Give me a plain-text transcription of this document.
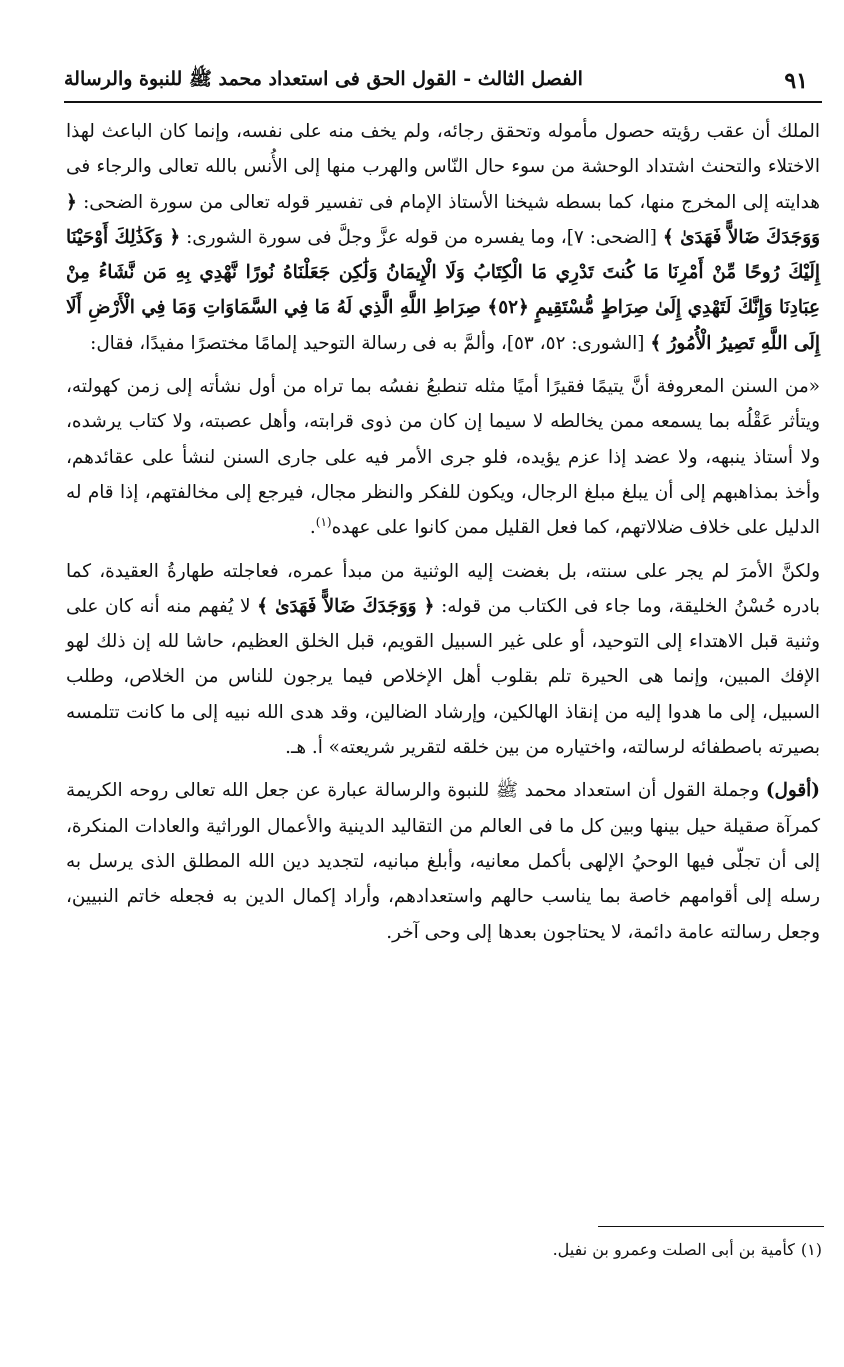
٩١
الفصل الثالث - القول الحق فى استعداد محمد ﷺ للنبوة والرسالة

الملك أن عقب رؤيته حصول مأموله وتحقق رجائه، ولم يخف منه على نفسه، وإنما كان الباعث لهذا الاختلاء والتحنث اشتداد الوحشة من سوء حال النّاس والهرب منها إلى الأُنس بالله تعالى والرجاء فى هدايته إلى المخرج منها، كما بسطه شيخنا الأستاذ الإمام فى تفسير قوله تعالى من سورة الضحى: ﴿ وَوَجَدَكَ ضَالاًّ فَهَدَىٰ ﴾ [الضحى: ٧]، وما يفسره من قوله عزَّ وجلَّ فى سورة الشورى: ﴿ وَكَذَٰلِكَ أَوْحَيْنَا إِلَيْكَ رُوحًا مِّنْ أَمْرِنَا مَا كُنتَ تَدْرِي مَا الْكِتَابُ وَلَا الْإِيمَانُ وَلَٰكِن جَعَلْنَاهُ نُورًا نَّهْدِي بِهِ مَن نَّشَاءُ مِنْ عِبَادِنَا وَإِنَّكَ لَتَهْدِي إِلَىٰ صِرَاطٍ مُّسْتَقِيمٍ ﴿٥٢﴾ صِرَاطِ اللَّهِ الَّذِي لَهُ مَا فِي السَّمَاوَاتِ وَمَا فِي الْأَرْضِ أَلَا إِلَى اللَّهِ تَصِيرُ الْأُمُورُ ﴾ [الشورى: ٥٢، ٥٣]، وألمَّ به فى رسالة التوحيد إلمامًا مختصرًا مفيدًا، فقال:

«من السنن المعروفة أنَّ يتيمًا فقيرًا أميًا مثله تنطبعُ نفسُه بما تراه من أول نشأته إلى زمن كهولته، ويتأثر عَقْلُه بما يسمعه ممن يخالطه لا سيما إن كان من ذوى قرابته، وأهل عصبته، ولا كتاب يرشده، ولا أستاذ ينبهه، ولا عضد إذا عزم يؤيده، فلو جرى الأمر فيه على جارى السنن لنشأ على عقائدهم، وأخذ بمذاهبهم إلى أن يبلغ مبلغ الرجال، ويكون للفكر والنظر مجال، فيرجع إلى مخالفتهم، إذا قام له الدليل على خلاف ضلالاتهم، كما فعل القليل ممن كانوا على عهده$^{(١)}$.

ولكنَّ الأمرَ لم يجر على سنته، بل بغضت إليه الوثنية من مبدأ عمره، فعاجلته طهارةُ العقيدة، كما بادره حُسْنُ الخليقة، وما جاء فى الكتاب من قوله: ﴿ وَوَجَدَكَ ضَالاًّ فَهَدَىٰ ﴾ لا يُفهم منه أنه كان على وثنية قبل الاهتداء إلى التوحيد، أو على غير السبيل القويم، قبل الخلق العظيم، حاشا لله إن ذلك لهو الإفك المبين، وإنما هى الحيرة تلم بقلوب أهل الإخلاص فيما يرجون للناس من الخلاص، وطلب السبيل، إلى ما هدوا إليه من إنقاذ الهالكين، وإرشاد الضالين، وقد هدى الله نبيه إلى ما كانت تتلمسه بصيرته باصطفائه لرسالته، واختياره من بين خلقه لتقرير شريعته» أ. هـ.

(أقول) وجملة القول أن استعداد محمد ﷺ للنبوة والرسالة عبارة عن جعل الله تعالى روحه الكريمة كمرآة صقيلة حيل بينها وبين كل ما فى العالم من التقاليد الدينية والأعمال الوراثية والعادات المنكرة، إلى أن تجلّى فيها الوحيُ الإلهى بأكمل معانيه، وأبلغ مبانيه، لتجديد دين الله المطلق الذى يرسل به رسله إلى أقوامهم خاصة بما يناسب حالهم واستعدادهم، وأراد إكمال الدين به فجعله خاتم النبيين، وجعل رسالته عامة دائمة، لا يحتاجون بعدها إلى وحى آخر.

(١)كأمية بن أبى الصلت وعمرو بن نفيل.
